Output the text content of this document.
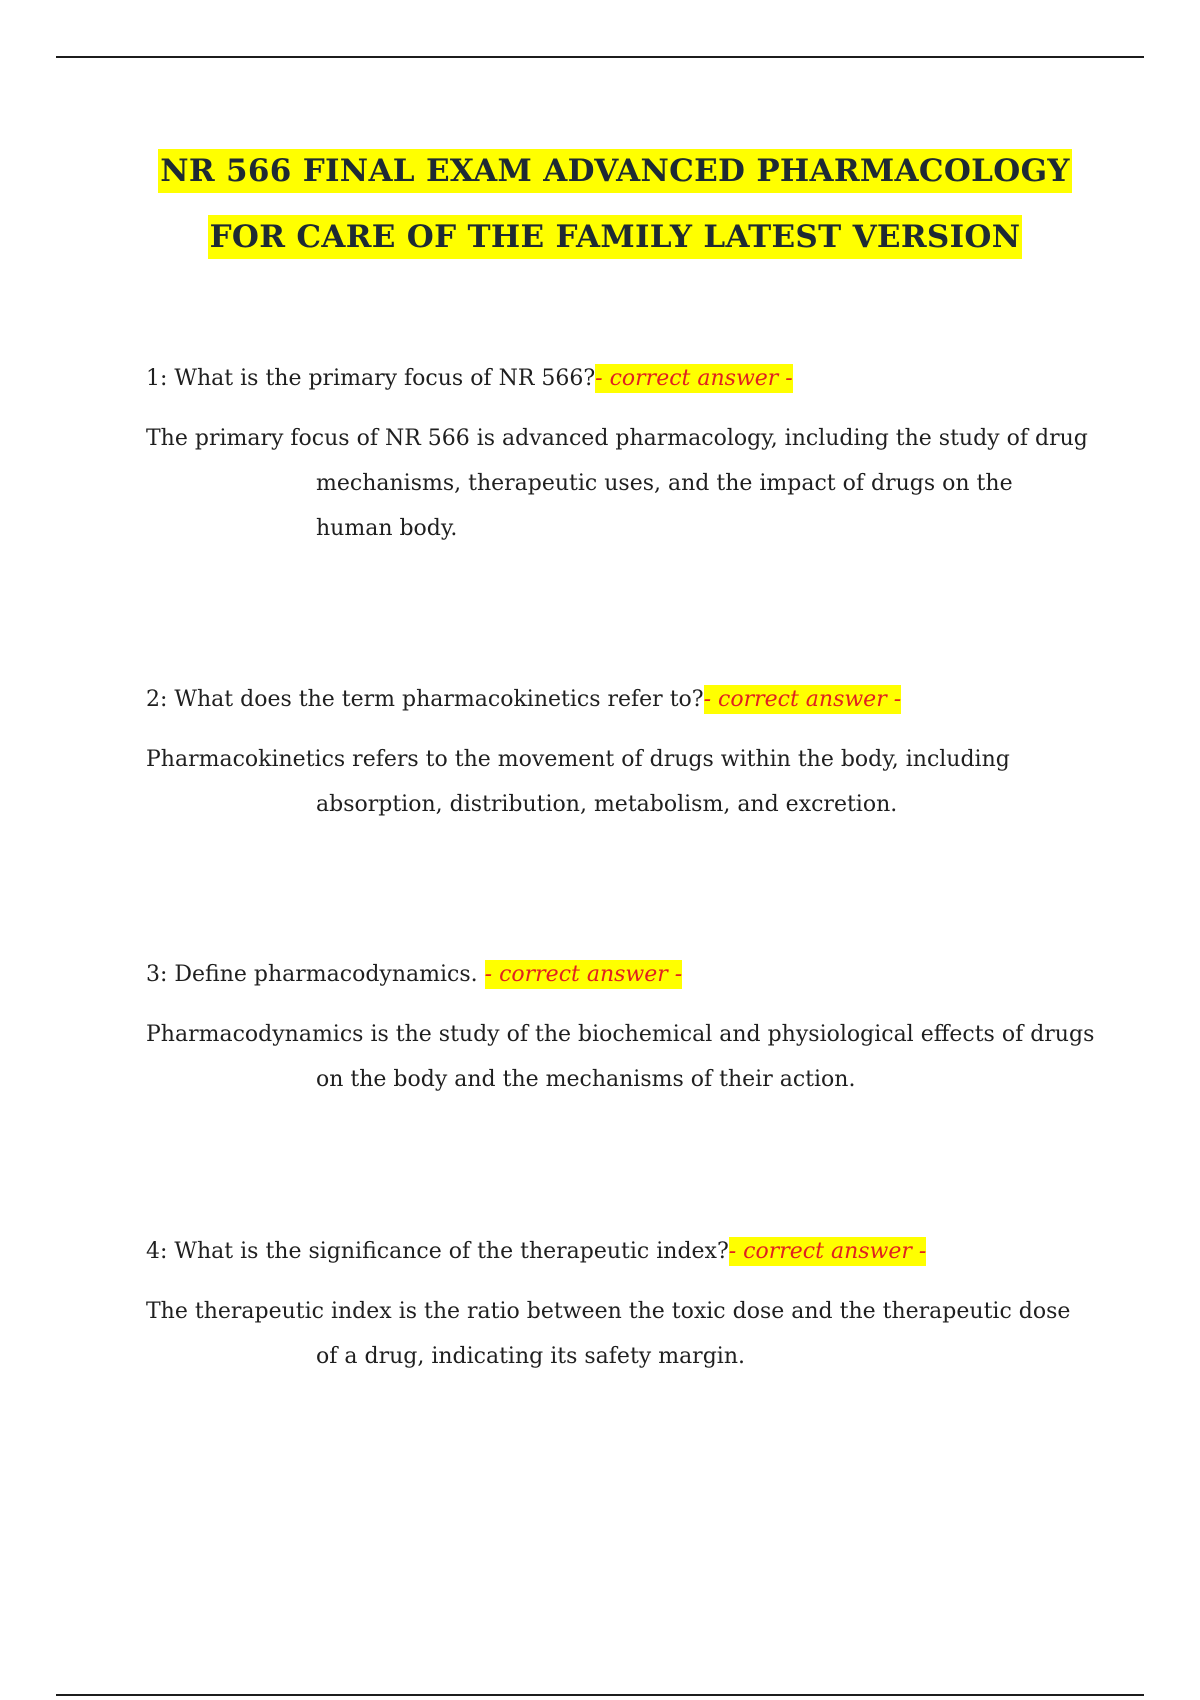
NR 566 FINAL EXAM ADVANCED PHARMACOLOGY
FOR CARE OF THE FAMILY LATEST VERSION

1: What is the primary focus of NR 566?- correct answer -

The primary focus of NR 566 is advanced pharmacology, including the study of drug mechanisms, therapeutic uses, and the impact of drugs on the human body.

2: What does the term pharmacokinetics refer to?- correct answer -

Pharmacokinetics refers to the movement of drugs within the body, including absorption, distribution, metabolism, and excretion.

3: Define pharmacodynamics. - correct answer -

Pharmacodynamics is the study of the biochemical and physiological effects of drugs on the body and the mechanisms of their action.

4: What is the significance of the therapeutic index?- correct answer -

The therapeutic index is the ratio between the toxic dose and the therapeutic dose of a drug, indicating its safety margin.
